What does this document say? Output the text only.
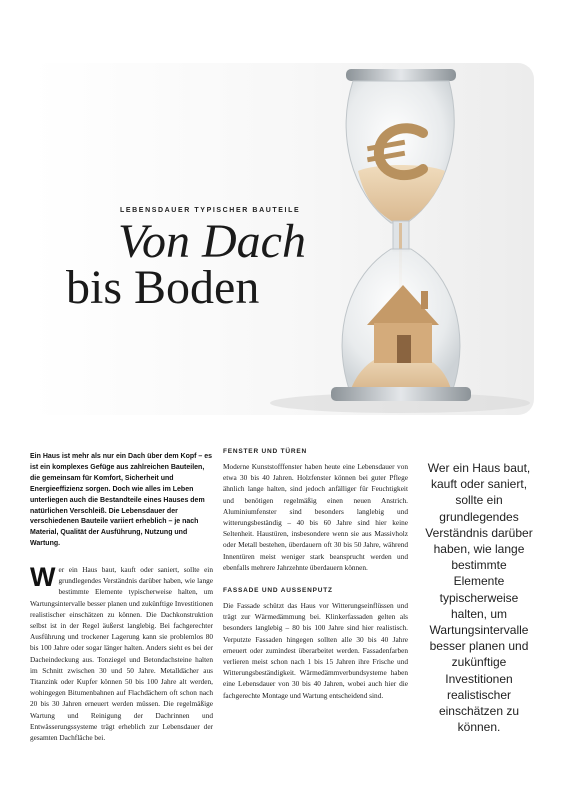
LEBENSDAUER TYPISCHER BAUTEILE
Von Dach
bis Boden
Ein Haus ist mehr als nur ein Dach über dem Kopf – es ist ein komplexes Gefüge aus zahlreichen Bauteilen, die gemeinsam für Komfort, Sicherheit und Energieeffizienz sorgen. Doch wie alles im Leben unterliegen auch die Bestandteile eines Hauses dem natürlichen Verschleiß. Die Lebensdauer der verschiedenen Bauteile variiert erheblich – je nach Material, Qualität der Ausführung, Nutzung und Wartung.
W er ein Haus baut, kauft oder saniert, sollte ein grundlegendes Verständnis darüber haben, wie lange bestimmte Elemente typischerweise halten, um Wartungsintervalle besser planen und zukünftige Investitionen realistischer einschätzen zu können. Die Dachkonstruktion selbst ist in der Regel äußerst langlebig. Bei fachgerechter Ausführung und trockener Lagerung kann sie problemlos 80 bis 100 Jahre oder sogar länger halten. Anders sieht es bei der Dacheindeckung aus. Tonziegel und Betondachsteine halten im Schnitt zwischen 30 und 50 Jahre. Metalldächer aus Titanzink oder Kupfer können 50 bis 100 Jahre alt werden, wohingegen Bitumenbahnen auf Flachdächern oft schon nach 20 bis 30 Jahren erneuert werden müssen. Die regelmäßige Wartung und Reinigung der Dachrinnen und Entwässerungssysteme trägt erheblich zur Lebensdauer der gesamten Dachfläche bei.
FENSTER UND TÜREN

Moderne Kunststofffenster haben heute eine Lebensdauer von etwa 30 bis 40 Jahren. Holzfenster können bei guter Pflege ähnlich lange halten, sind jedoch anfälliger für Feuchtigkeit und benötigen regelmäßig einen neuen Anstrich. Aluminiumfenster sind besonders langlebig und witterungsbeständig – 40 bis 60 Jahre sind hier keine Seltenheit. Haustüren, insbesondere wenn sie aus Massivholz oder Metall bestehen, überdauern oft 30 bis 50 Jahre, während Innentüren meist weniger stark beansprucht werden und ebenfalls mehrere Jahrzehnte überdauern können.

FASSADE UND AUSSENPUTZ

Die Fassade schützt das Haus vor Witterungseinflüssen und trägt zur Wärmedämmung bei. Klinkerfassaden gelten als besonders langlebig – 80 bis 100 Jahre sind hier realistisch. Verputzte Fassaden hingegen sollten alle 30 bis 40 Jahre erneuert oder zumindest überarbeitet werden. Fassadenfarben verlieren meist schon nach 1 bis 15 Jahren ihre Frische und Witterungsbeständigkeit. Wärmedämmverbundsysteme haben eine Lebensdauer von 30 bis 40 Jahren, wobei auch hier die fachgerechte Montage und Wartung entscheidend sind.

Wer ein Haus baut, kauft oder saniert, sollte ein grundlegendes Verständnis darüber haben, wie lange bestimmte Elemente typischerweise halten, um Wartungsintervalle besser planen und zukünftige Investitionen realistischer einschätzen zu können.
